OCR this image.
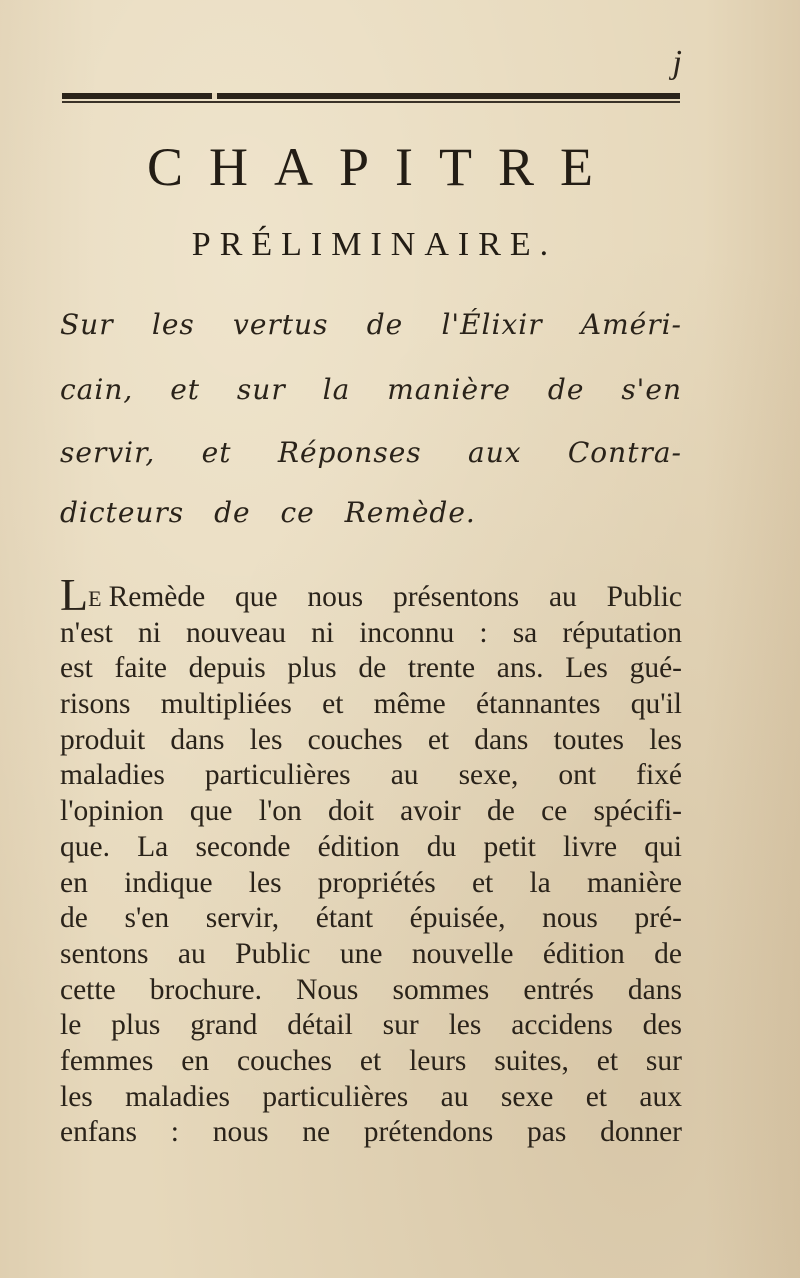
j
CHAPITRE
PRÉLIMINAIRE.
Sur les vertus de l'Élixir Améri-
cain, et sur la manière de s'en
servir, et Réponses aux Contra-
dicteurs de ce Remède.
LE Remède que nous présentons au Public
n'est ni nouveau ni inconnu : sa réputation
est faite depuis plus de trente ans. Les gué-
risons multipliées et même étannantes qu'il
produit dans les couches et dans toutes les
maladies particulières au sexe, ont fixé
l'opinion que l'on doit avoir de ce spécifi-
que. La seconde édition du petit livre qui
en indique les propriétés et la manière
de s'en servir, étant épuisée, nous pré-
sentons au Public une nouvelle édition de
cette brochure. Nous sommes entrés dans
le plus grand détail sur les accidens des
femmes en couches et leurs suites, et sur
les maladies particulières au sexe et aux
enfans : nous ne prétendons pas donner
